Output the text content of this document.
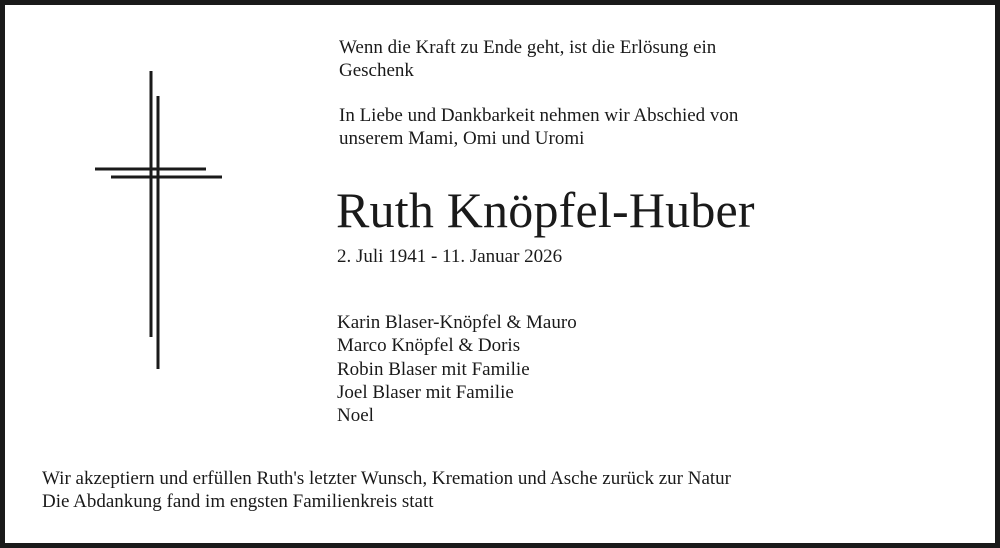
Wenn die Kraft zu Ende geht, ist die Erlösung ein
Geschenk
In Liebe und Dankbarkeit nehmen wir Abschied von
unserem Mami, Omi und Uromi
Ruth Knöpfel-Huber
2. Juli 1941 - 11. Januar 2026
Karin Blaser-Knöpfel & Mauro
Marco Knöpfel & Doris
Robin Blaser mit Familie
Joel Blaser mit Familie
Noel
Wir akzeptiern und erfüllen Ruth's letzter Wunsch, Kremation und Asche zurück zur Natur
Die Abdankung fand im engsten Familienkreis statt
